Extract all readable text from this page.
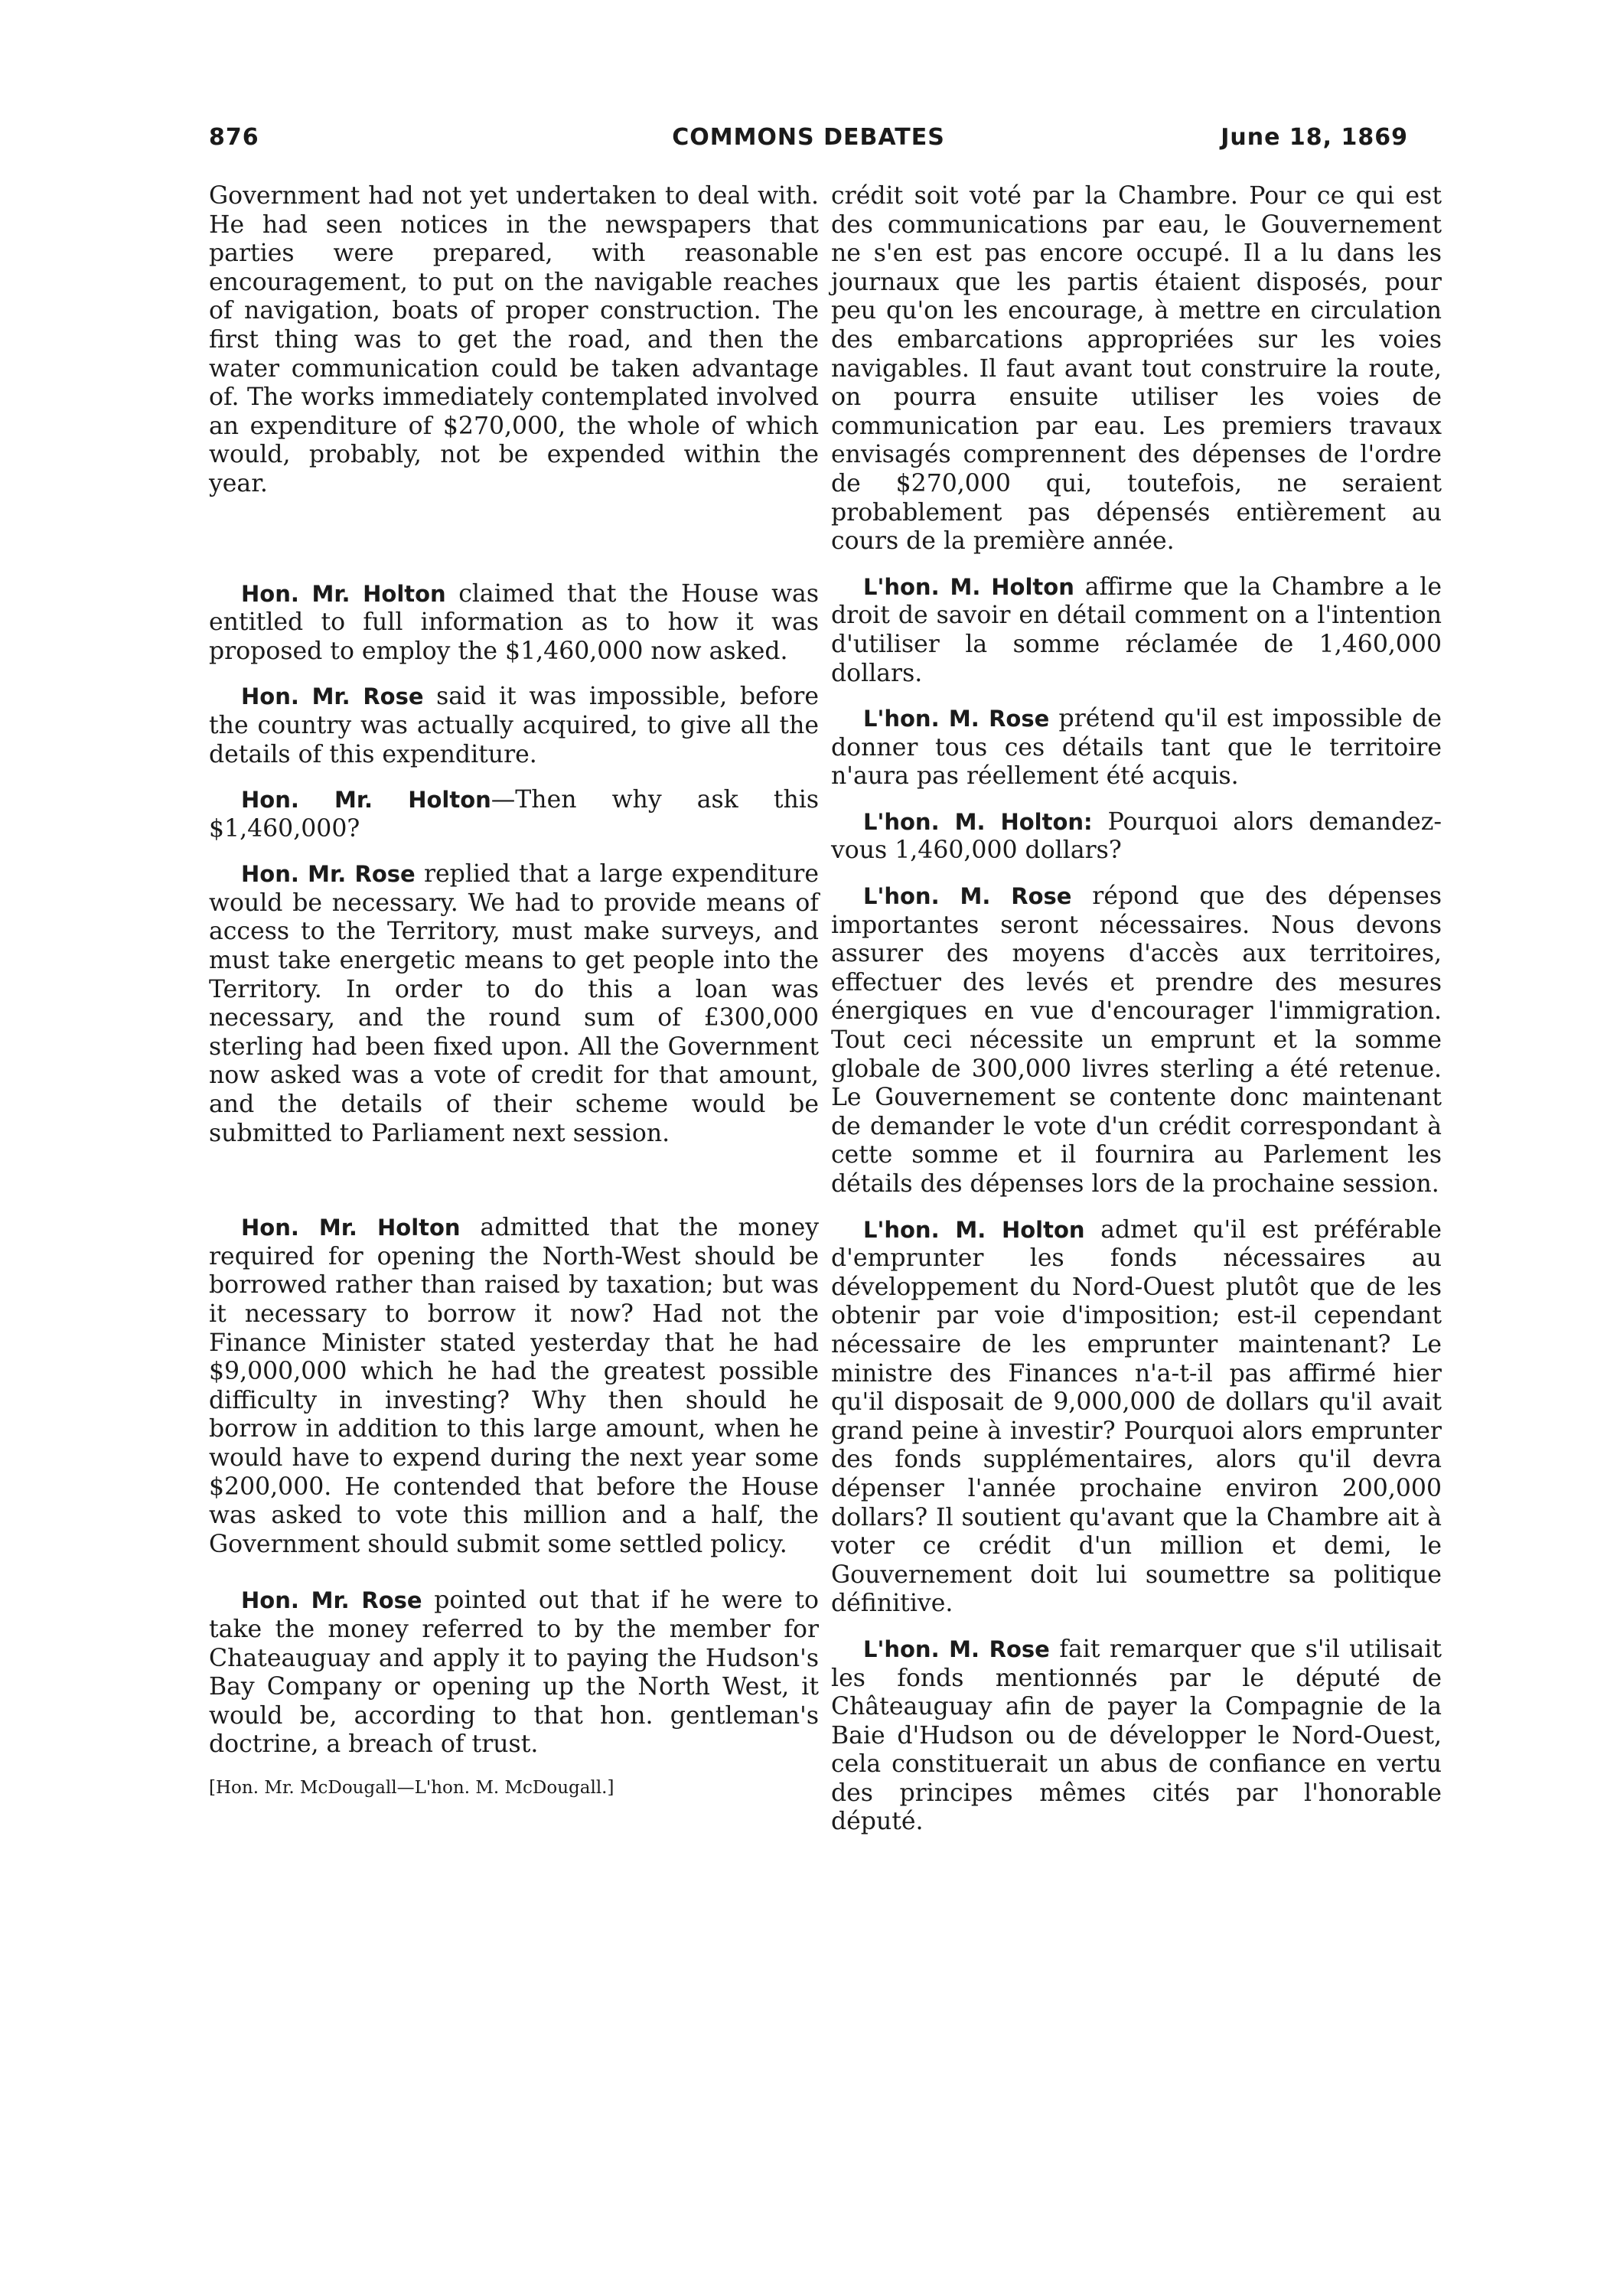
876	COMMONS DEBATES	June 18, 1869

Government had not yet undertaken to deal with. He had seen notices in the newspapers that parties were prepared, with reasonable encouragement, to put on the navigable reaches of navigation, boats of proper construction. The first thing was to get the road, and then the water communication could be taken advantage of. The works immediately contemplated involved an expenditure of $270,000, the whole of which would, probably, not be expended within the year.

Hon. Mr. Holton claimed that the House was entitled to full information as to how it was proposed to employ the $1,460,000 now asked.

Hon. Mr. Rose said it was impossible, before the country was actually acquired, to give all the details of this expenditure.

Hon. Mr. Holton—Then why ask this $1,460,000?

Hon. Mr. Rose replied that a large expenditure would be necessary. We had to provide means of access to the Territory, must make surveys, and must take energetic means to get people into the Territory. In order to do this a loan was necessary, and the round sum of £300,000 sterling had been fixed upon. All the Government now asked was a vote of credit for that amount, and the details of their scheme would be submitted to Parliament next session.

Hon. Mr. Holton admitted that the money required for opening the North-West should be borrowed rather than raised by taxation; but was it necessary to borrow it now? Had not the Finance Minister stated yesterday that he had $9,000,000 which he had the greatest possible difficulty in investing? Why then should he borrow in addition to this large amount, when he would have to expend during the next year some $200,000. He contended that before the House was asked to vote this million and a half, the Government should submit some settled policy.

Hon. Mr. Rose pointed out that if he were to take the money referred to by the member for Chateauguay and apply it to paying the Hudson's Bay Company or opening up the North West, it would be, according to that hon. gentleman's doctrine, a breach of trust.

[Hon. Mr. McDougall—L'hon. M. McDougall.]

crédit soit voté par la Chambre. Pour ce qui est des communications par eau, le Gouvernement ne s'en est pas encore occupé. Il a lu dans les journaux que les partis étaient disposés, pour peu qu'on les encourage, à mettre en circulation des embarcations appropriées sur les voies navigables. Il faut avant tout construire la route, on pourra ensuite utiliser les voies de communication par eau. Les premiers travaux envisagés comprennent des dépenses de l'ordre de $270,000 qui, toutefois, ne seraient probablement pas dépensés entièrement au cours de la première année.

L'hon. M. Holton affirme que la Chambre a le droit de savoir en détail comment on a l'intention d'utiliser la somme réclamée de 1,460,000 dollars.

L'hon. M. Rose prétend qu'il est impossible de donner tous ces détails tant que le territoire n'aura pas réellement été acquis.

L'hon. M. Holton: Pourquoi alors demandez-vous 1,460,000 dollars?

L'hon. M. Rose répond que des dépenses importantes seront nécessaires. Nous devons assurer des moyens d'accès aux territoires, effectuer des levés et prendre des mesures énergiques en vue d'encourager l'immigration. Tout ceci nécessite un emprunt et la somme globale de 300,000 livres sterling a été retenue. Le Gouvernement se contente donc maintenant de demander le vote d'un crédit correspondant à cette somme et il fournira au Parlement les détails des dépenses lors de la prochaine session.

L'hon. M. Holton admet qu'il est préférable d'emprunter les fonds nécessaires au développement du Nord-Ouest plutôt que de les obtenir par voie d'imposition; est-il cependant nécessaire de les emprunter maintenant? Le ministre des Finances n'a-t-il pas affirmé hier qu'il disposait de 9,000,000 de dollars qu'il avait grand peine à investir? Pourquoi alors emprunter des fonds supplémentaires, alors qu'il devra dépenser l'année prochaine environ 200,000 dollars? Il soutient qu'avant que la Chambre ait à voter ce crédit d'un million et demi, le Gouvernement doit lui soumettre sa politique définitive.

L'hon. M. Rose fait remarquer que s'il utilisait les fonds mentionnés par le député de Châteauguay afin de payer la Compagnie de la Baie d'Hudson ou de développer le Nord-Ouest, cela constituerait un abus de confiance en vertu des principes mêmes cités par l'honorable député.
